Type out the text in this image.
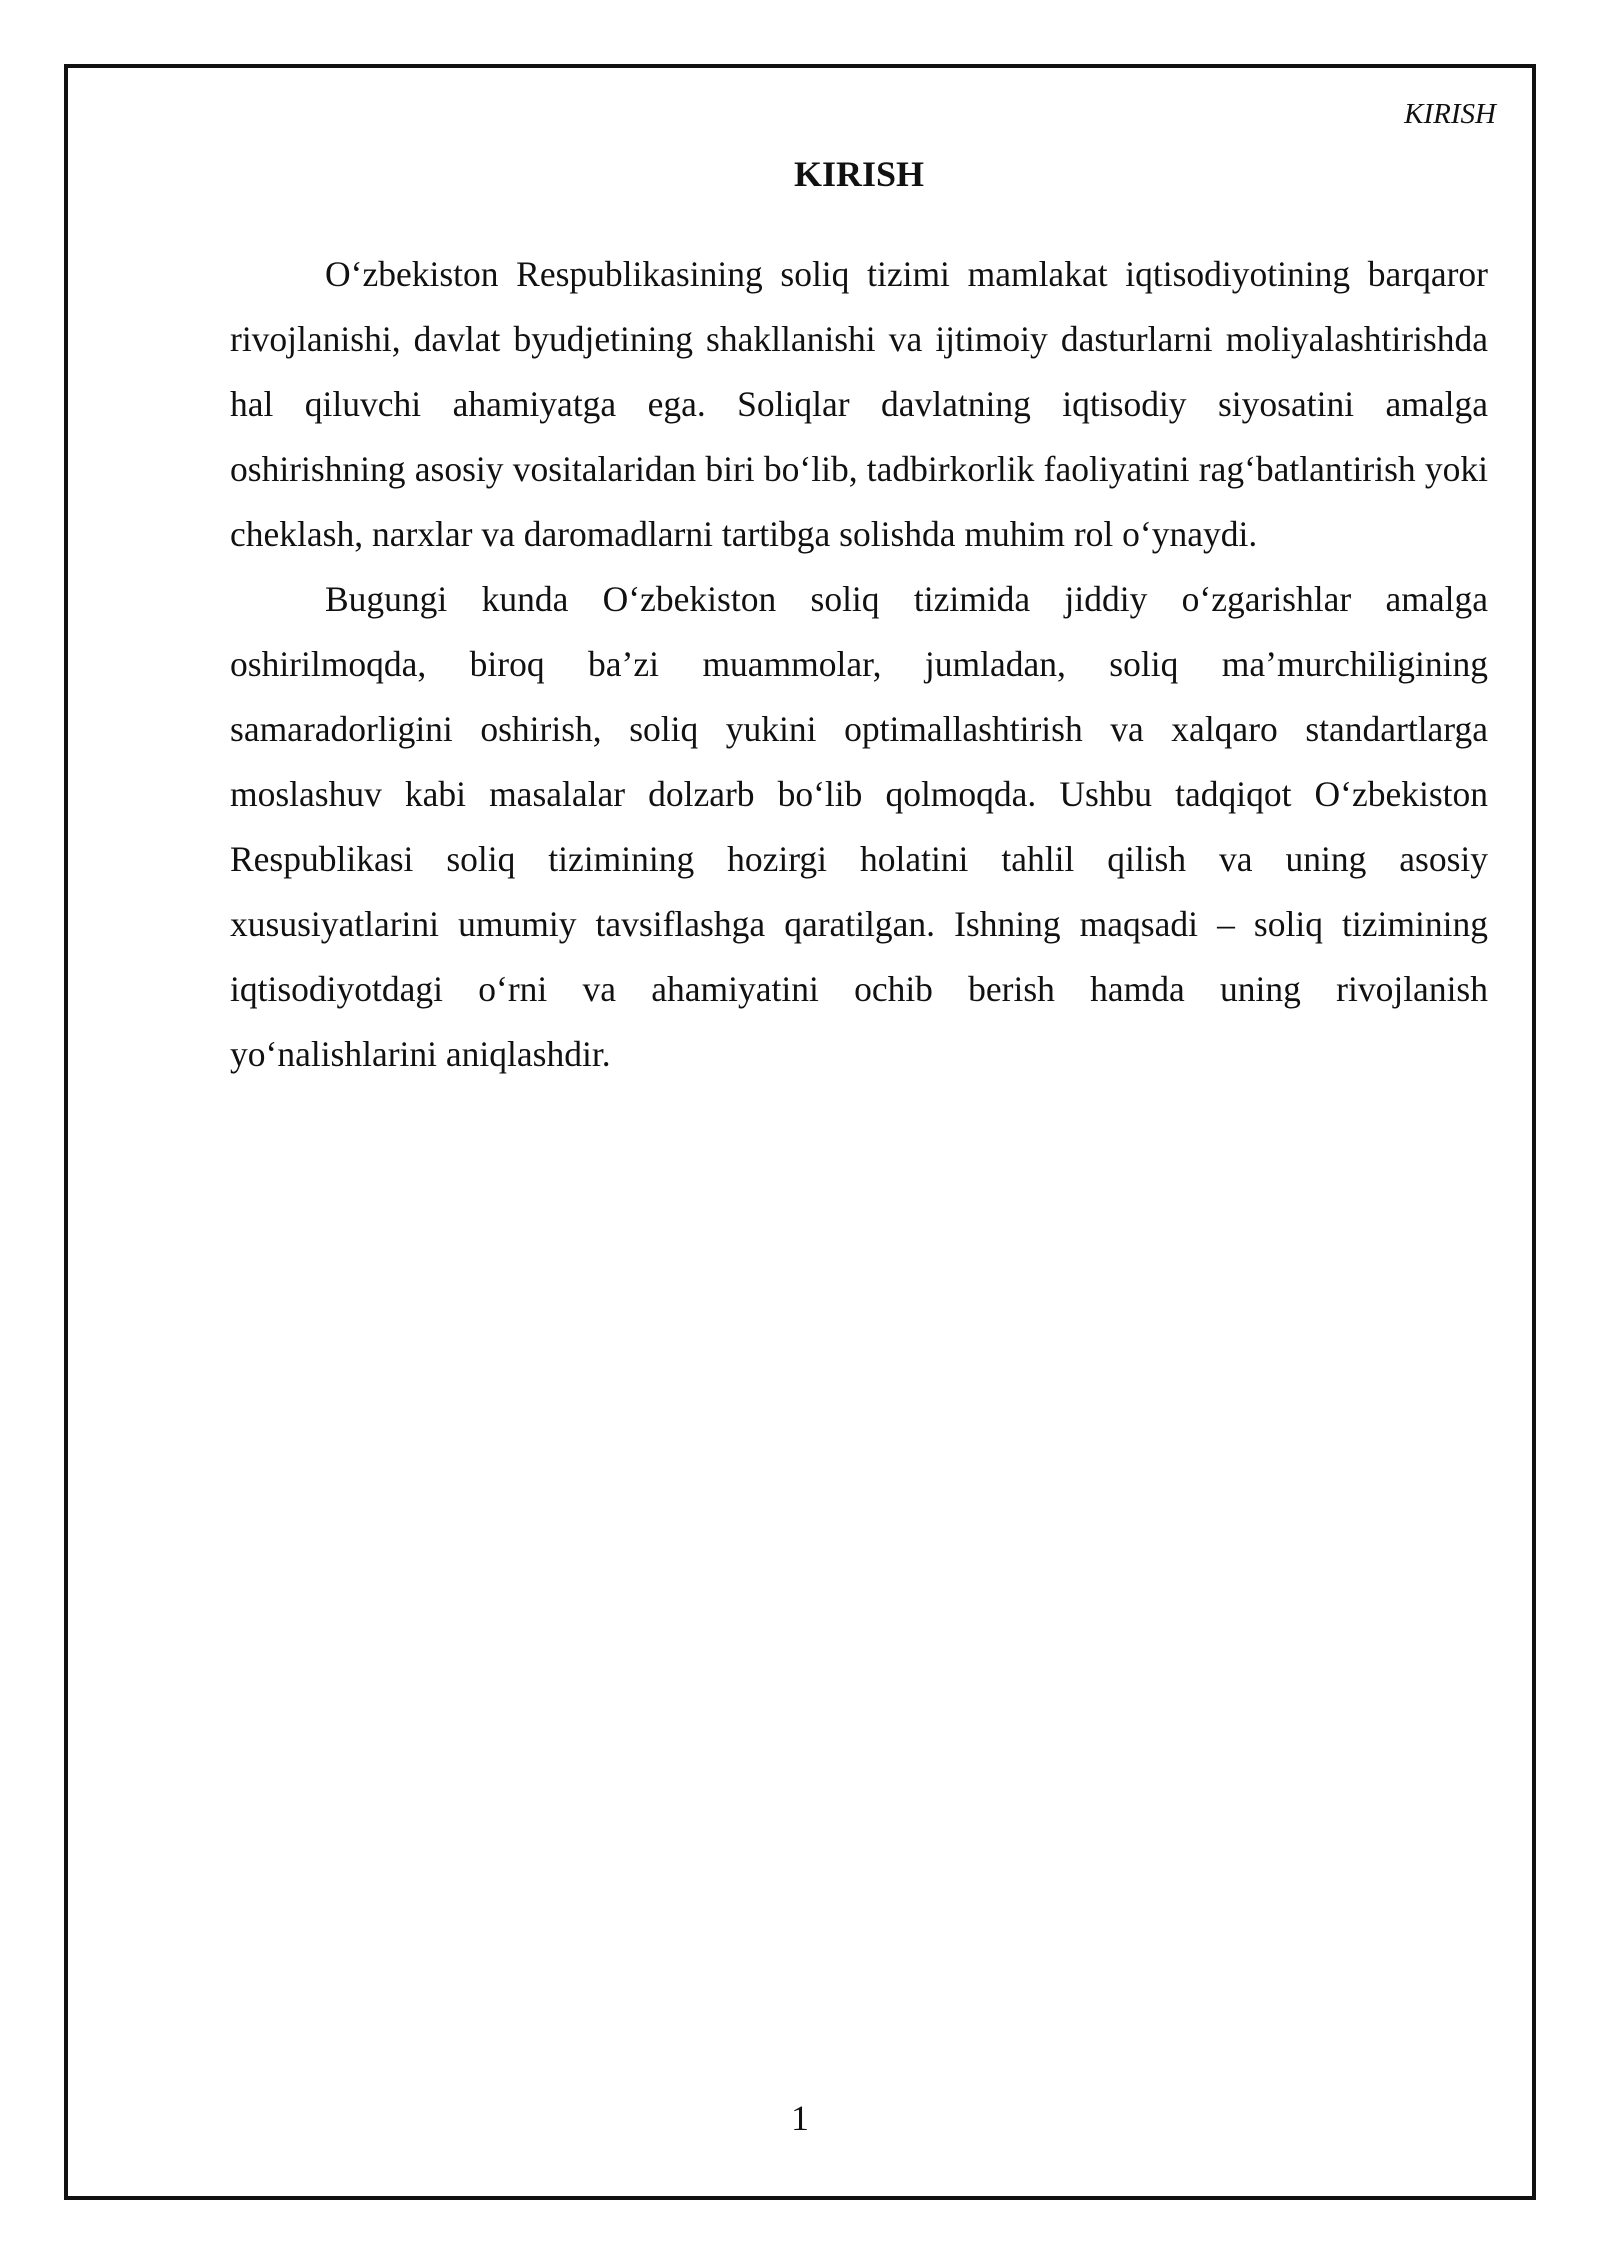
KIRISH
KIRISH

O‘zbekiston Respublikasining soliq tizimi mamlakat iqtisodiyotining barqaror rivojlanishi, davlat byudjetining shakllanishi va ijtimoiy dasturlarni moliyalashtirishda hal qiluvchi ahamiyatga ega. Soliqlar davlatning iqtisodiy siyosatini amalga oshirishning asosiy vositalaridan biri bo‘lib, tadbirkorlik faoliyatini rag‘batlantirish yoki cheklash, narxlar va daromadlarni tartibga solishda muhim rol o‘ynaydi.

Bugungi kunda O‘zbekiston soliq tizimida jiddiy o‘zgarishlar amalga oshirilmoqda, biroq ba’zi muammolar, jumladan, soliq ma’murchiligining samaradorligini oshirish, soliq yukini optimallashtirish va xalqaro standartlarga moslashuv kabi masalalar dolzarb bo‘lib qolmoqda. Ushbu tadqiqot O‘zbekiston Respublikasi soliq tizimining hozirgi holatini tahlil qilish va uning asosiy xususiyatlarini umumiy tavsiflashga qaratilgan. Ishning maqsadi – soliq tizimining iqtisodiyotdagi o‘rni va ahamiyatini ochib berish hamda uning rivojlanish yo‘nalishlarini aniqlashdir.

1
